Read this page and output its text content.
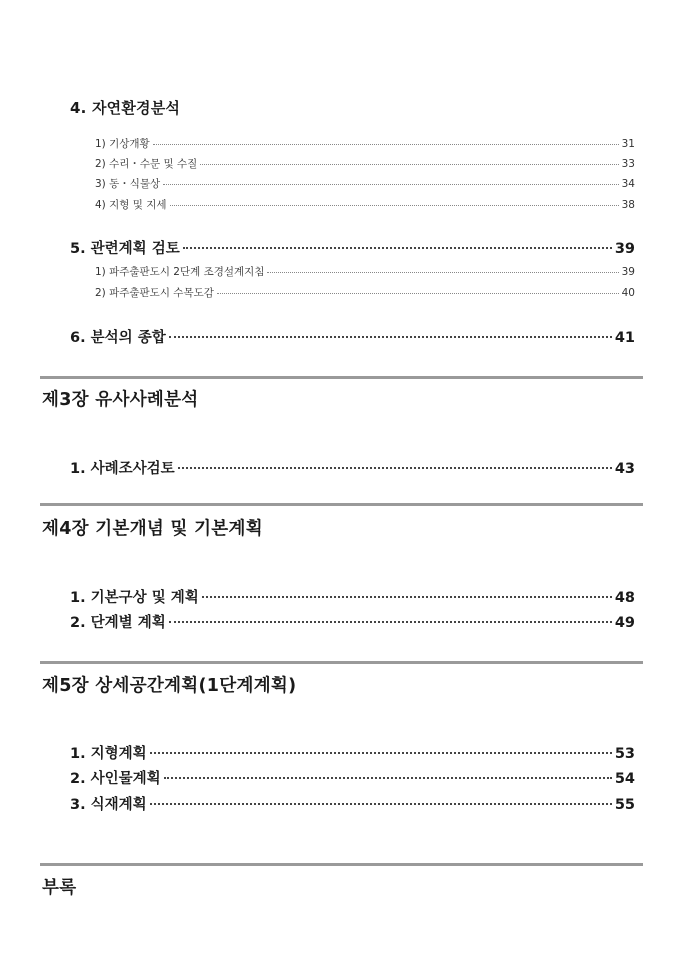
4. 자연환경분석
1) 기상개황	31
2) 수리・수문 및 수질	33
3) 동・식물상	34
4) 지형 및 지세	38
5. 관련계획 검토	39
1) 파주출판도시 2단계 조경설계지침	39
2) 파주출판도시 수목도감	40
6. 분석의 종합	41
제3장 유사사례분석
1. 사례조사검토	43
제4장 기본개념 및 기본계획
1. 기본구상 및 계획	48
2. 단계별 계획	49
제5장 상세공간계획(1단계계획)
1. 지형계획	53
2. 사인물계획	54
3. 식재계획	55
부록
